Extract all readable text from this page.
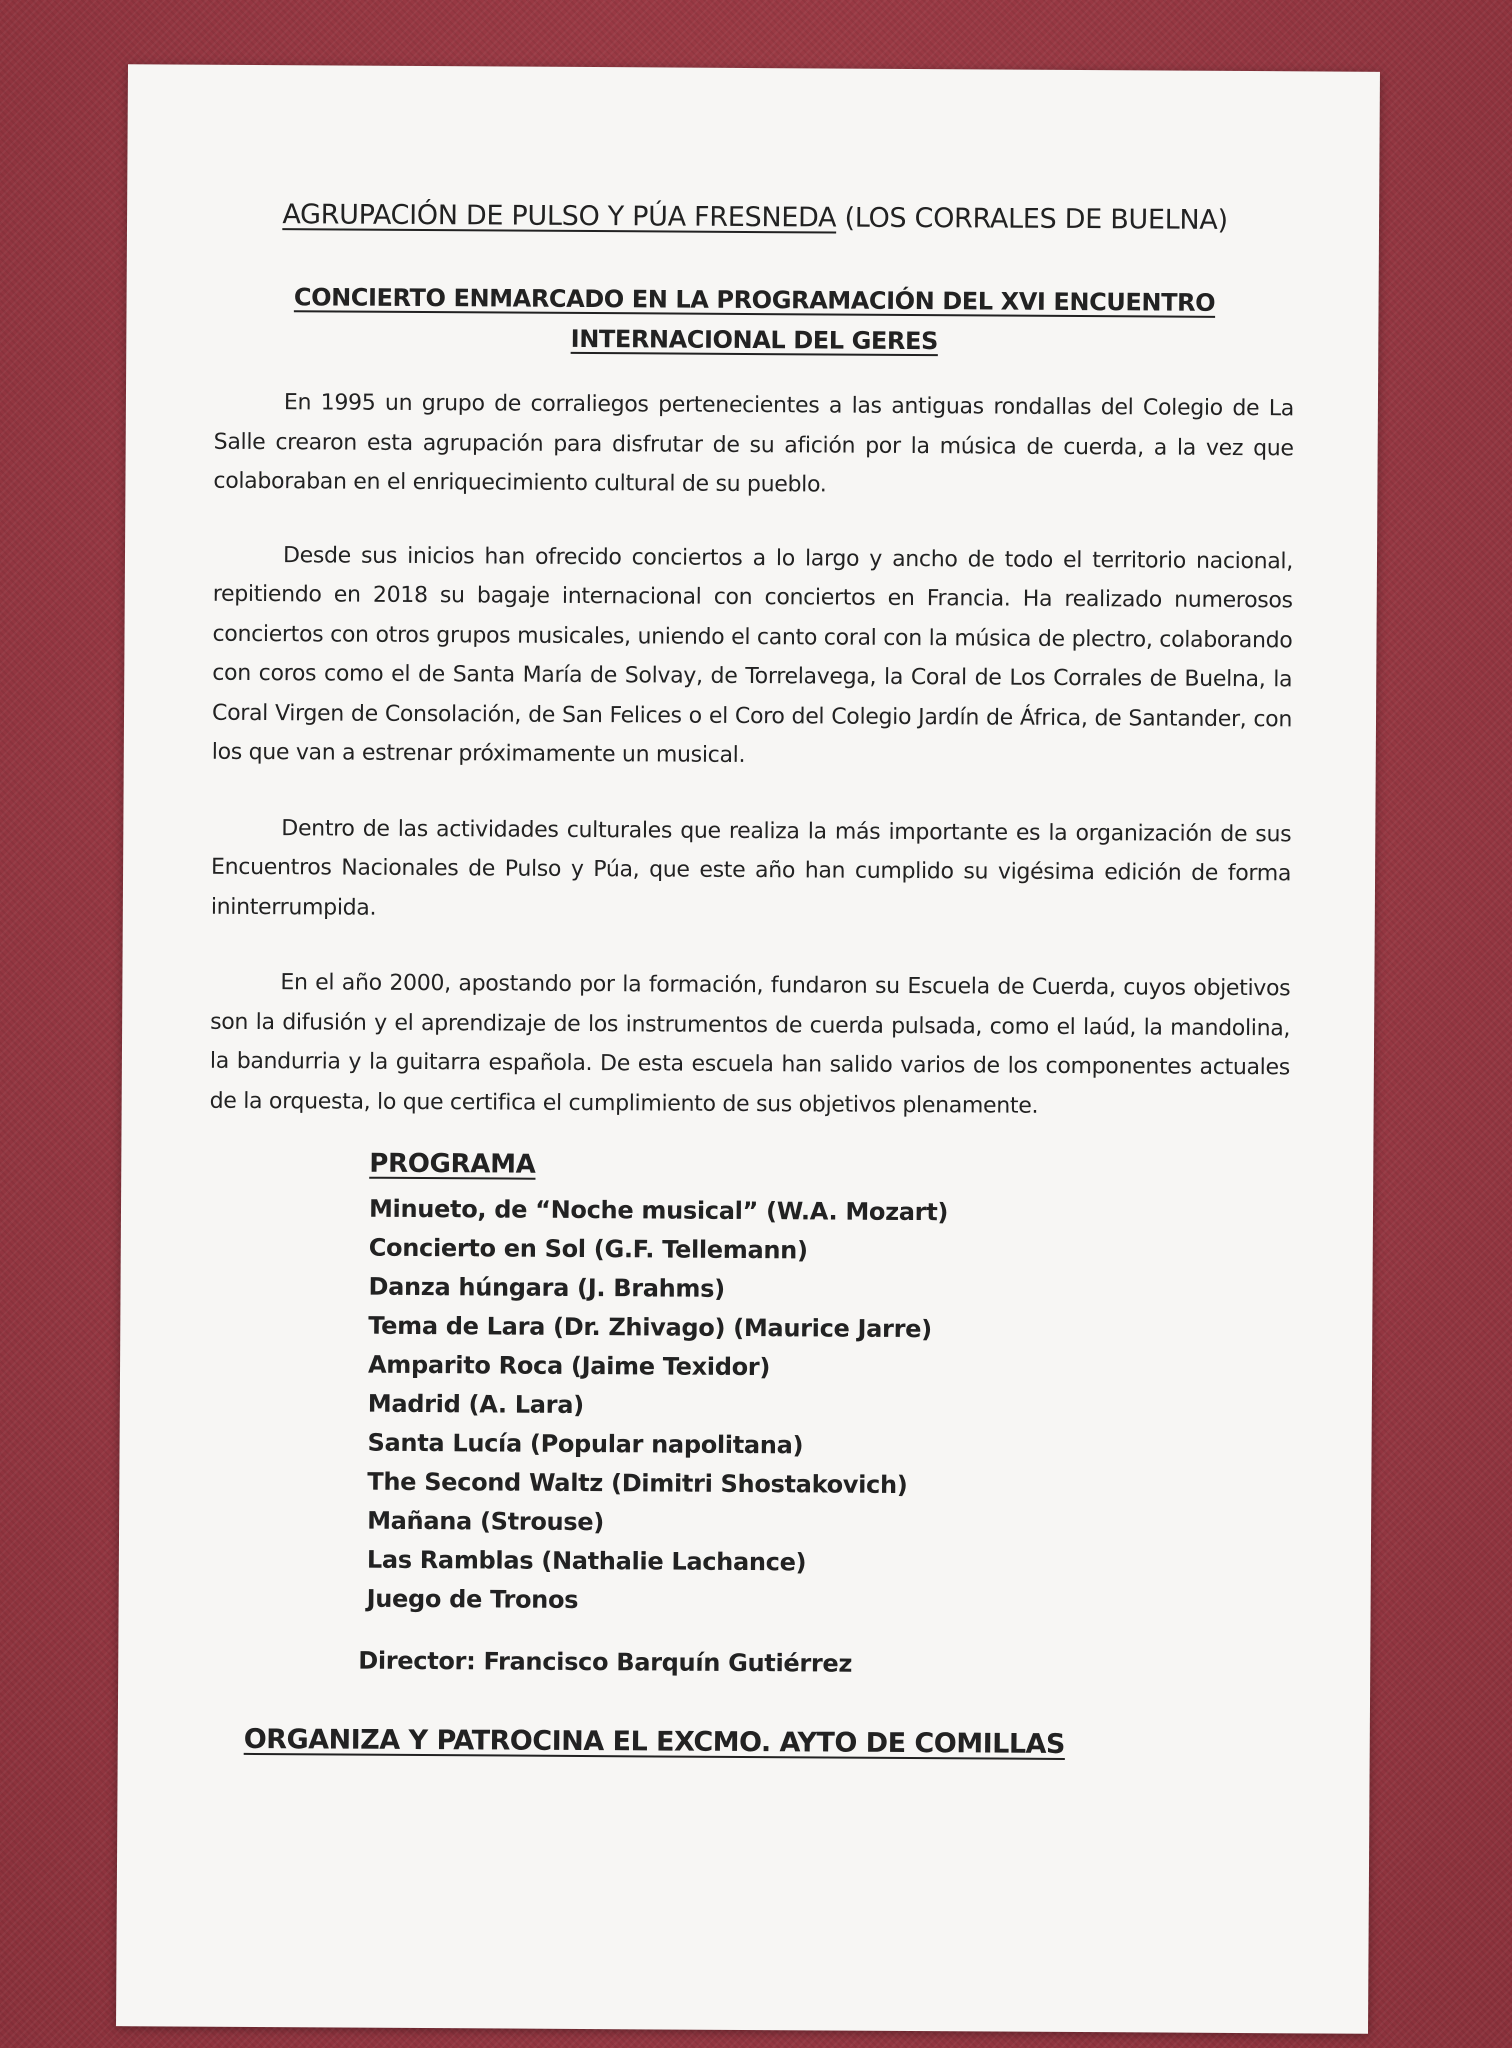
AGRUPACIÓN DE PULSO Y PÚA FRESNEDA (LOS CORRALES DE BUELNA)

CONCIERTO ENMARCADO EN LA PROGRAMACIÓN DEL XVI ENCUENTRO INTERNACIONAL DEL GERES

En 1995 un grupo de corraliegos pertenecientes a las antiguas rondallas del Colegio de La Salle crearon esta agrupación para disfrutar de su afición por la música de cuerda, a la vez que colaboraban en el enriquecimiento cultural de su pueblo.

Desde sus inicios han ofrecido conciertos a lo largo y ancho de todo el territorio nacional, repitiendo en 2018 su bagaje internacional con conciertos en Francia. Ha realizado numerosos conciertos con otros grupos musicales, uniendo el canto coral con la música de plectro, colaborando con coros como el de Santa María de Solvay, de Torrelavega, la Coral de Los Corrales de Buelna, la Coral Virgen de Consolación, de San Felices o el Coro del Colegio Jardín de África, de Santander, con los que van a estrenar próximamente un musical.

Dentro de las actividades culturales que realiza la más importante es la organización de sus Encuentros Nacionales de Pulso y Púa, que este año han cumplido su vigésima edición de forma ininterrumpida.

En el año 2000, apostando por la formación, fundaron su Escuela de Cuerda, cuyos objetivos son la difusión y el aprendizaje de los instrumentos de cuerda pulsada, como el laúd, la mandolina, la bandurria y la guitarra española. De esta escuela han salido varios de los componentes actuales de la orquesta, lo que certifica el cumplimiento de sus objetivos plenamente.

PROGRAMA

Minueto, de “Noche musical” (W.A. Mozart)

Concierto en Sol (G.F. Tellemann)

Danza húngara (J. Brahms)

Tema de Lara (Dr. Zhivago) (Maurice Jarre)

Amparito Roca (Jaime Texidor)

Madrid (A. Lara)

Santa Lucía (Popular napolitana)

The Second Waltz (Dimitri Shostakovich)

Mañana (Strouse)

Las Ramblas (Nathalie Lachance)

Juego de Tronos

Director: Francisco Barquín Gutiérrez

ORGANIZA Y PATROCINA EL EXCMO. AYTO DE COMILLAS
